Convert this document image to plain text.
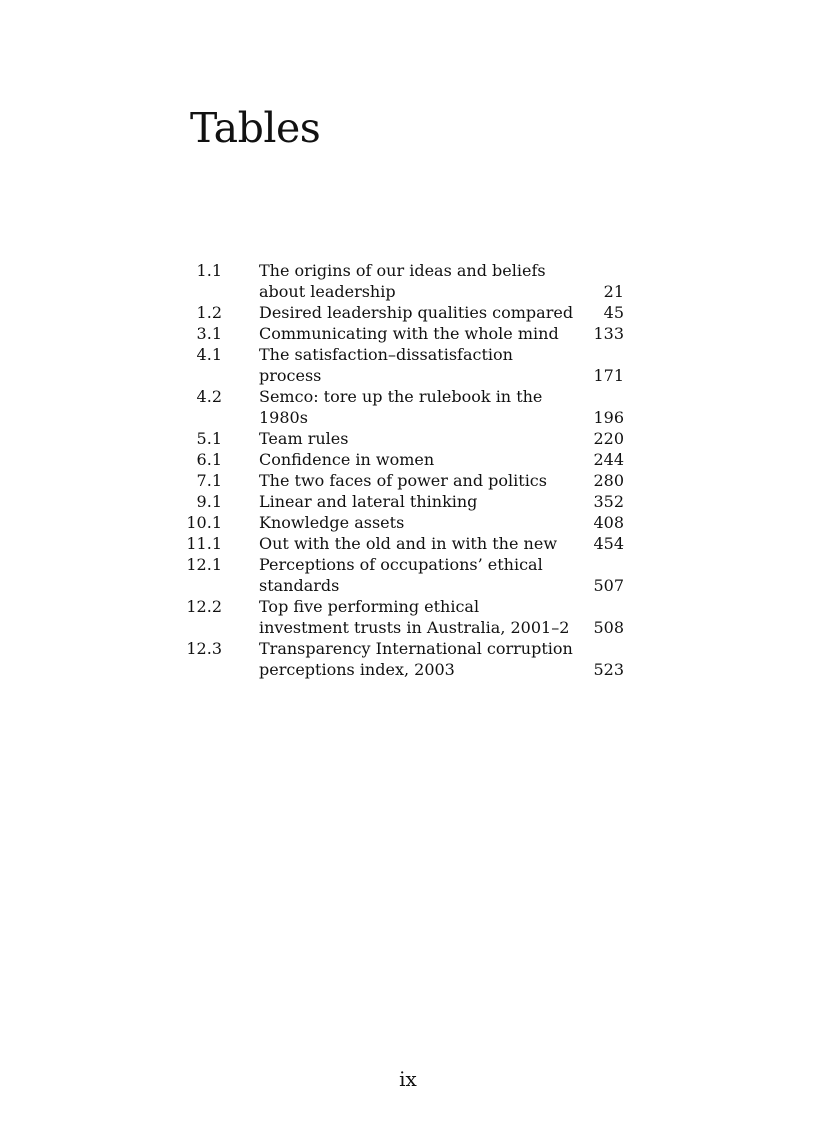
Tables
1.1 The origins of our ideas and beliefs
about leadership	21
1.2 Desired leadership qualities compared	45
3.1 Communicating with the whole mind	133
4.1 The satisfaction–dissatisfaction
process	171
4.2 Semco: tore up the rulebook in the
1980s	196
5.1 Team rules	220
6.1 Confidence in women	244
7.1 The two faces of power and politics	280
9.1 Linear and lateral thinking	352
10.1 Knowledge assets	408
11.1 Out with the old and in with the new	454
12.1 Perceptions of occupations’ ethical
standards	507
12.2 Top five performing ethical
investment trusts in Australia, 2001–2	508
12.3 Transparency International corruption
perceptions index, 2003	523
ix
